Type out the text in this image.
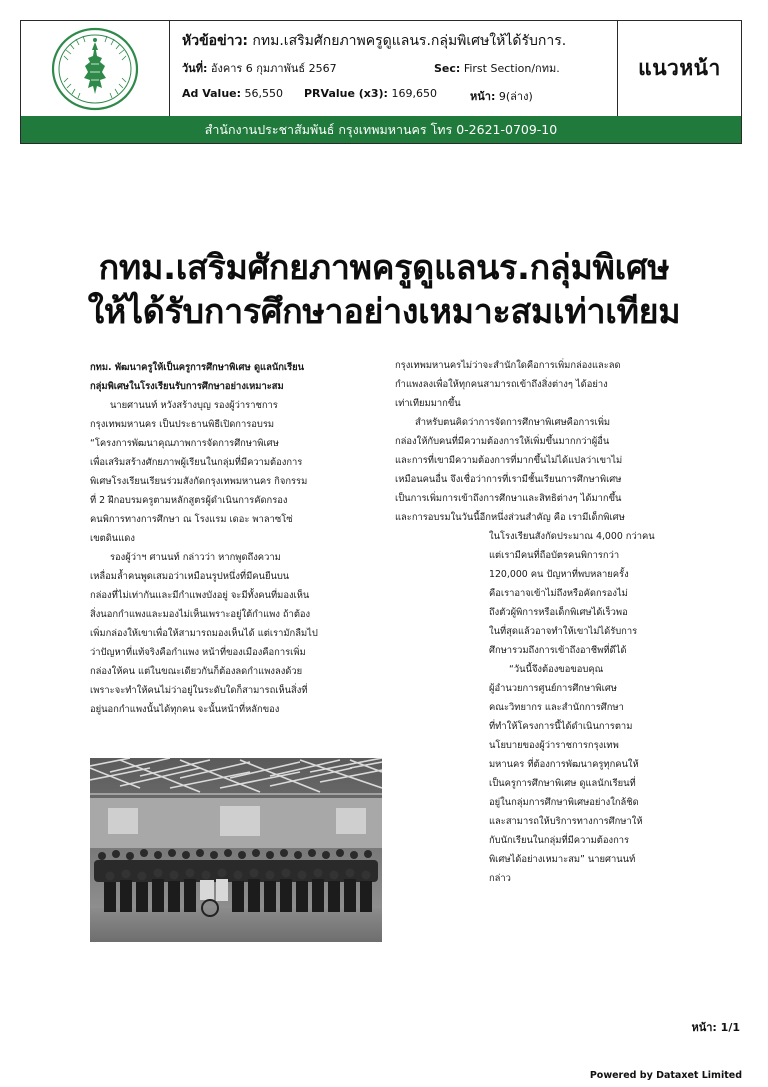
หัวข้อข่าว: กทม.เสริมศักยภาพครูดูแลนร.กลุ่มพิเศษให้ได้รับการ.
วันที่: อังคาร 6 กุมภาพันธ์ 2567	Sec: First Section/กทม.
Ad Value: 56,550 PRValue (x3): 169,650	หน้า: 9(ล่าง)
แนวหน้า
สำนักงานประชาสัมพันธ์ กรุงเทพมหานคร โทร 0-2621-0709-10
กทม.เสริมศักยภาพครูดูแลนร.กลุ่มพิเศษ
ให้ได้รับการศึกษาอย่างเหมาะสมเท่าเทียม

กทม. พัฒนาครูให้เป็นครูการศึกษาพิเศษ ดูแลนักเรียน

กลุ่มพิเศษในโรงเรียนรับการศึกษาอย่างเหมาะสม

นายศานนท์ หวังสร้างบุญ รองผู้ว่าราชการ

กรุงเทพมหานคร เป็นประธานพิธีเปิดการอบรม

“โครงการพัฒนาคุณภาพการจัดการศึกษาพิเศษ

เพื่อเสริมสร้างศักยภาพผู้เรียนในกลุ่มที่มีความต้องการ

พิเศษโรงเรียนเรียนร่วมสังกัดกรุงเทพมหานคร กิจกรรม

ที่ 2 ฝึกอบรมครูตามหลักสูตรผู้ดำเนินการคัดกรอง

คนพิการทางการศึกษา ณ โรงแรม เดอะ พาลาซโซ่

เขตดินแดง

รองผู้ว่าฯ ศานนท์ กล่าวว่า หากพูดถึงความ

เหลื่อมล้ำคนพูดเสมอว่าเหมือนรูปหนึ่งที่มีคนยืนบน

กล่องที่ไม่เท่ากันและมีกำแพงบังอยู่ จะมีทั้งคนที่มองเห็น

สิ่งนอกกำแพงและมองไม่เห็นเพราะอยู่ใต้กำแพง ถ้าต้อง

เพิ่มกล่องให้เขาเพื่อให้สามารถมองเห็นได้ แต่เรามักลืมไป

ว่าปัญหาที่แท้จริงคือกำแพง หน้าที่ของเมืองคือการเพิ่ม

กล่องให้คน แต่ในขณะเดียวกันก็ต้องลดกำแพงลงด้วย

เพราะจะทำให้คนไม่ว่าอยู่ในระดับใดก็สามารถเห็นสิ่งที่

อยู่นอกกำแพงนั้นได้ทุกคน จะนั้นหน้าที่หลักของ

กรุงเทพมหานครไม่ว่าจะสำนักใดคือการเพิ่มกล่องและลด

กำแพงลงเพื่อให้ทุกคนสามารถเข้าถึงสิ่งต่างๆ ได้อย่าง

เท่าเทียมมากขึ้น

สำหรับตนคิดว่าการจัดการศึกษาพิเศษคือการเพิ่ม

กล่องให้กับคนที่มีความต้องการให้เพิ่มขึ้นมากกว่าผู้อื่น

และการที่เขามีความต้องการที่มากขึ้นไม่ได้แปลว่าเขาไม่

เหมือนคนอื่น จึงเชื่อว่าการที่เรามีชั้นเรียนการศึกษาพิเศษ

เป็นการเพิ่มการเข้าถึงการศึกษาและสิทธิต่างๆ ได้มากขึ้น

และการอบรมในวันนี้อีกหนึ่งส่วนสำคัญ คือ เรามีเด็กพิเศษ

ในโรงเรียนสังกัดประมาณ 4,000 กว่าคน

แต่เรามีคนที่ถือบัตรคนพิการกว่า

120,000 คน ปัญหาที่พบหลายครั้ง

คือเราอาจเข้าไม่ถึงหรือคัดกรองไม่

ถึงตัวผู้พิการหรือเด็กพิเศษได้เร็วพอ

ในที่สุดแล้วอาจทำให้เขาไม่ได้รับการ

ศึกษารวมถึงการเข้าถึงอาชีพที่ดีได้

“วันนี้จึงต้องขอขอบคุณ

ผู้อำนวยการศูนย์การศึกษาพิเศษ

คณะวิทยากร และสำนักการศึกษา

ที่ทำให้โครงการนี้ได้ดำเนินการตาม

นโยบายของผู้ว่าราชการกรุงเทพ

มหานคร ที่ต้องการพัฒนาครูทุกคนให้

เป็นครูการศึกษาพิเศษ ดูแลนักเรียนที่

อยู่ในกลุ่มการศึกษาพิเศษอย่างใกล้ชิด

และสามารถให้บริการทางการศึกษาให้

กับนักเรียนในกลุ่มที่มีความต้องการ

พิเศษได้อย่างเหมาะสม” นายศานนท์

กล่าว

หน้า: 1/1
Powered by Dataxet Limited
